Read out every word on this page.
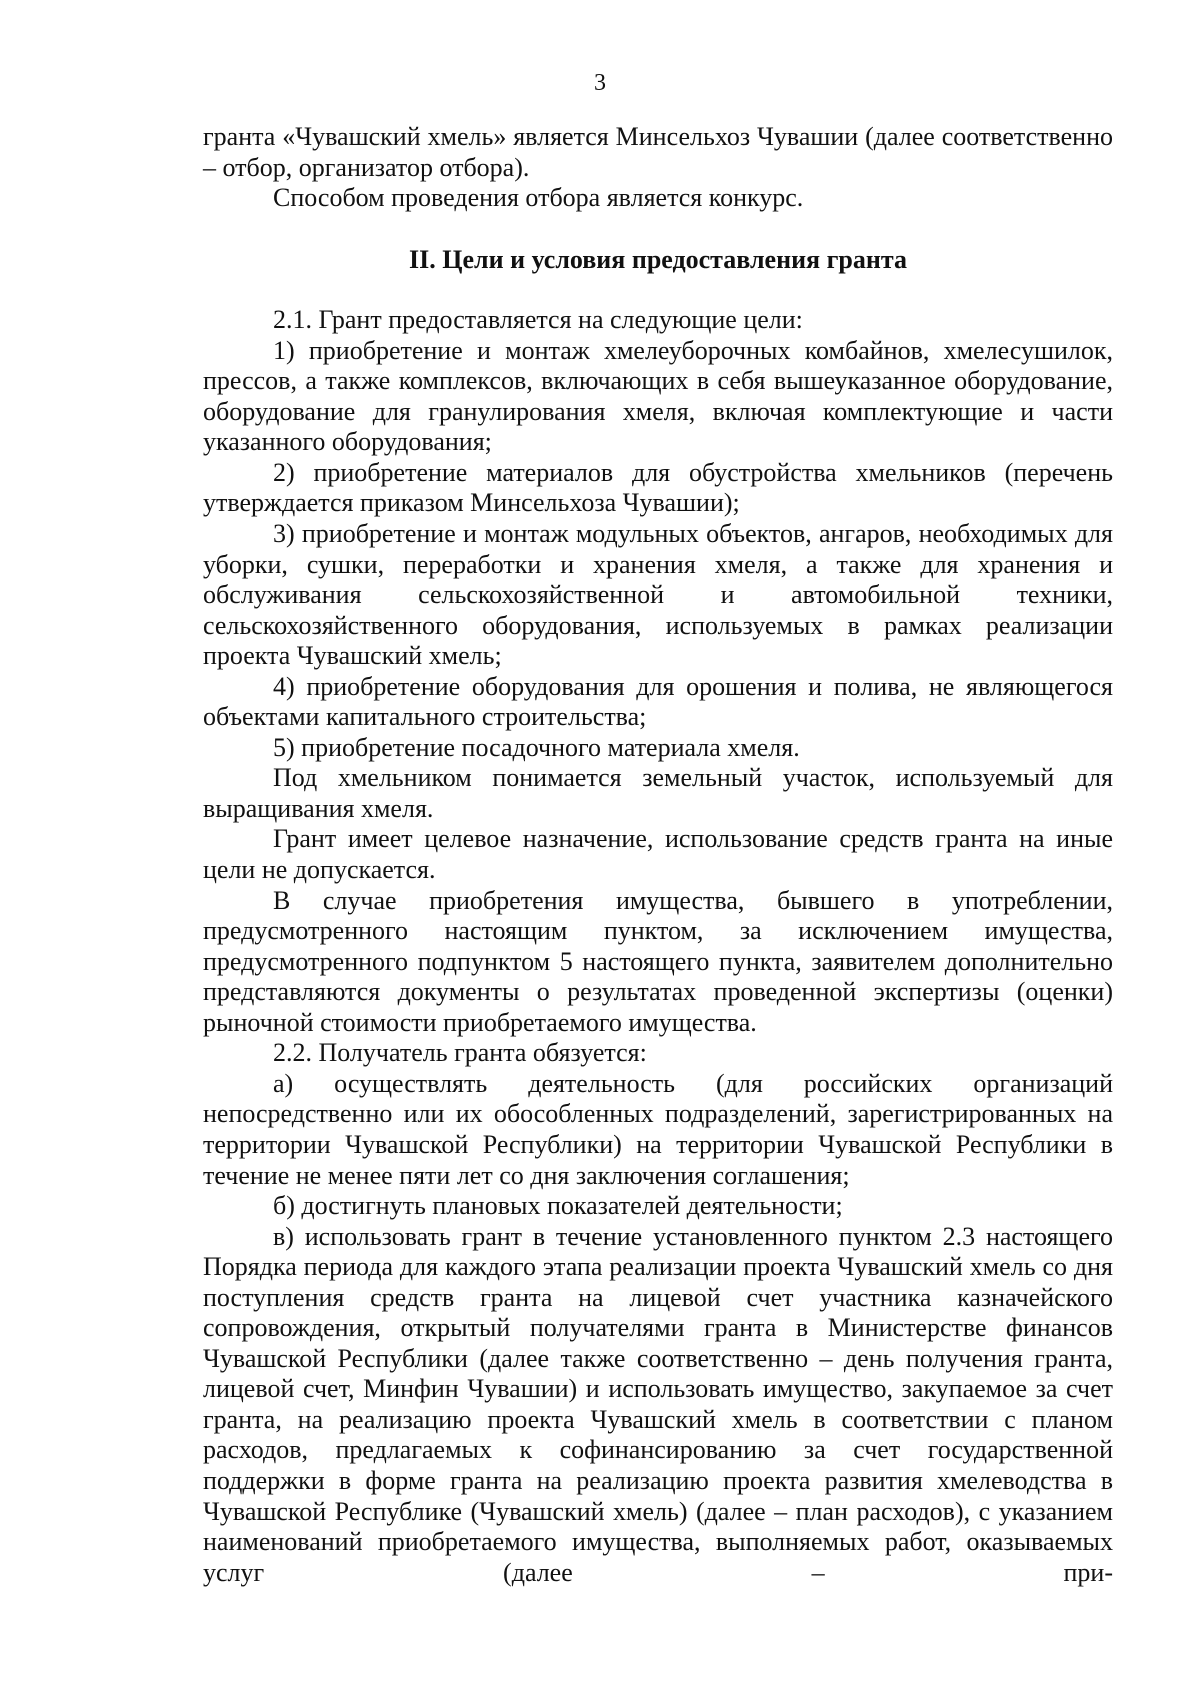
3

гранта «Чувашский хмель» является Минсельхоз Чувашии (далее соответственно – отбор, организатор отбора).

Способом проведения отбора является конкурс.

II. Цели и условия предоставления гранта

2.1. Грант предоставляется на следующие цели:

1) приобретение и монтаж хмелеуборочных комбайнов, хмелесушилок, прессов, а также комплексов, включающих в себя вышеуказанное оборудование, оборудование для гранулирования хмеля, включая комплектующие и части указанного оборудования;

2) приобретение материалов для обустройства хмельников (перечень утверждается приказом Минсельхоза Чувашии);

3) приобретение и монтаж модульных объектов, ангаров, необходимых для уборки, сушки, переработки и хранения хмеля, а также для хранения и обслуживания сельскохозяйственной и автомобильной техники, сельскохозяйственного оборудования, используемых в рамках реализации проекта Чувашский хмель;

4) приобретение оборудования для орошения и полива, не являющегося объектами капитального строительства;

5) приобретение посадочного материала хмеля.

Под хмельником понимается земельный участок, используемый для выращивания хмеля.

Грант имеет целевое назначение, использование средств гранта на иные цели не допускается.

В случае приобретения имущества, бывшего в употреблении, предусмотренного настоящим пунктом, за исключением имущества, предусмотренного подпунктом 5 настоящего пункта, заявителем дополнительно представляются документы о результатах проведенной экспертизы (оценки) рыночной стоимости приобретаемого имущества.

2.2. Получатель гранта обязуется:

а) осуществлять деятельность (для российских организаций непосредственно или их обособленных подразделений, зарегистрированных на территории Чувашской Республики) на территории Чувашской Республики в течение не менее пяти лет со дня заключения соглашения;

б) достигнуть плановых показателей деятельности;

в) использовать грант в течение установленного пунктом 2.3 настоящего Порядка периода для каждого этапа реализации проекта Чувашский хмель со дня поступления средств гранта на лицевой счет участника казначейского сопровождения, открытый получателями гранта в Министерстве финансов Чувашской Республики (далее также соответственно – день получения гранта, лицевой счет, Минфин Чувашии) и использовать имущество, закупаемое за счет гранта, на реализацию проекта Чувашский хмель в соответствии с планом расходов, предлагаемых к софинансированию за счет государственной поддержки в форме гранта на реализацию проекта развития хмелеводства в Чувашской Республике (Чувашский хмель) (далее – план расходов), с указанием наименований приобретаемого имущества, выполняемых работ, оказываемых услуг (далее – при-
